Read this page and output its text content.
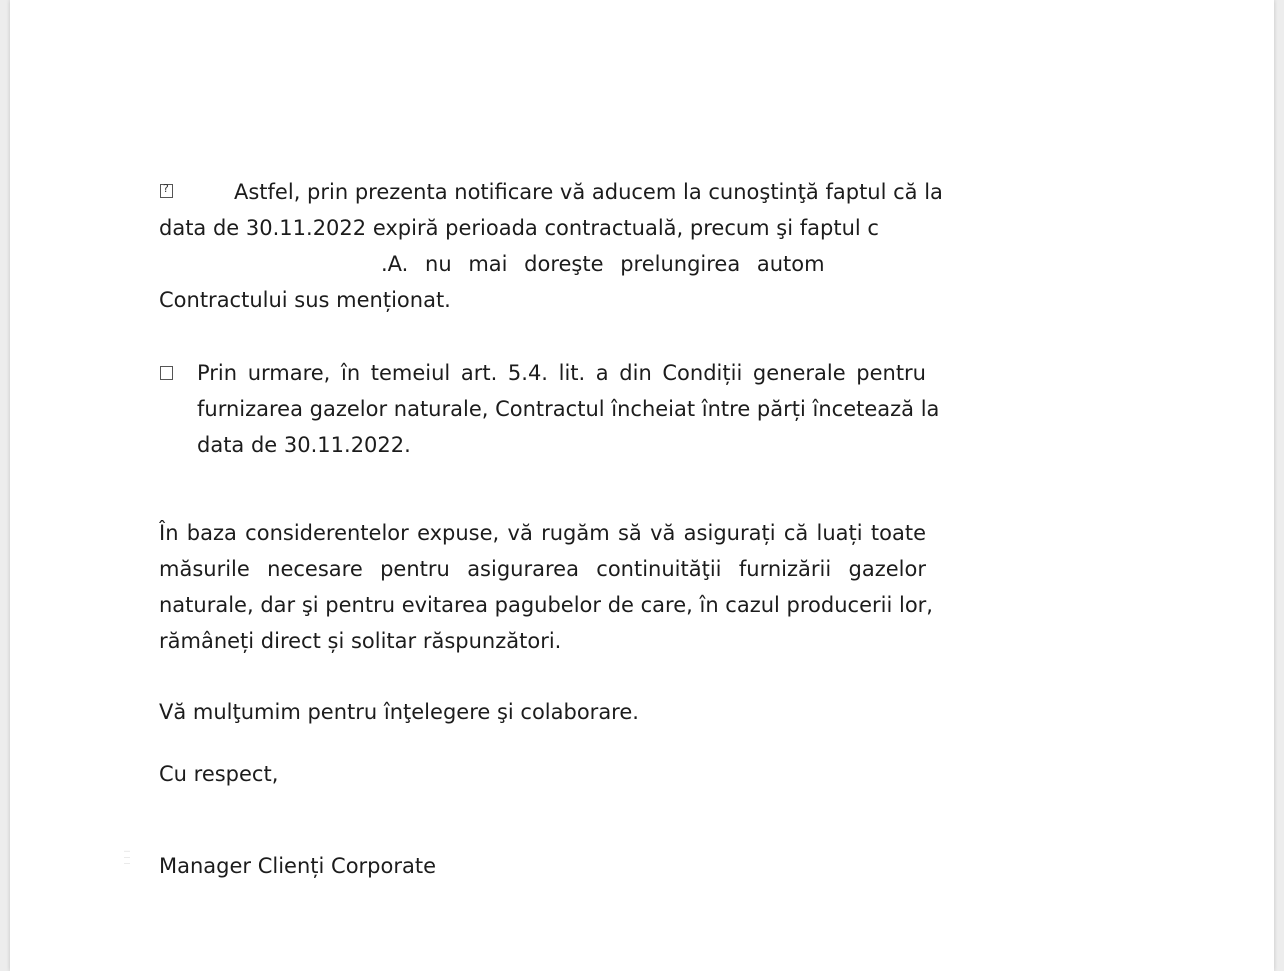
?
Astfel, prin prezenta notificare vă aducem la cunoştinţă faptul că la
data de 30.11.2022 expiră perioada contractuală, precum şi faptul c
.A. nu mai doreşte prelungirea autom
Contractului sus menționat.
Prin urmare, în temeiul art. 5.4. lit. a din Condiții generale pentru
furnizarea gazelor naturale, Contractul încheiat între părți încetează la
data de 30.11.2022.
În baza considerentelor expuse, vă rugăm să vă asigurați că luați toate
măsurile necesare pentru asigurarea continuităţii furnizării gazelor
naturale, dar şi pentru evitarea pagubelor de care, în cazul producerii lor,
rămâneți direct și solitar răspunzători.
Vă mulţumim pentru înţelegere şi colaborare.
Cu respect,
Manager Clienți Corporate
⁝ ⁝ ⁝
